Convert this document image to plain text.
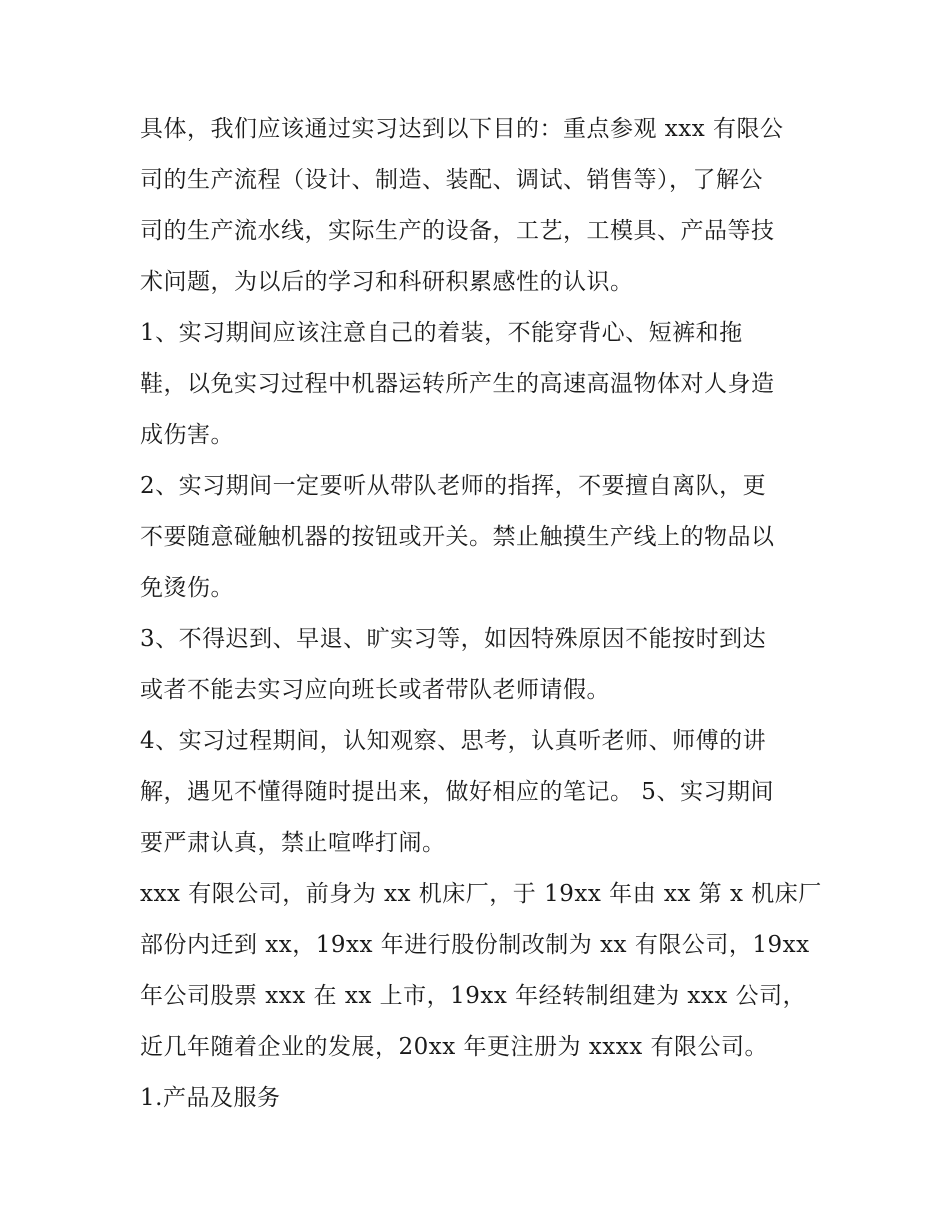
具体，我们应该通过实习达到以下目的：重点参观 xxx 有限公
司的生产流程（设计、制造、装配、调试、销售等），了解公
司的生产流水线，实际生产的设备，工艺，工模具、产品等技
术问题，为以后的学习和科研积累感性的认识。
1、实习期间应该注意自己的着装，不能穿背心、短裤和拖
鞋，以免实习过程中机器运转所产生的高速高温物体对人身造
成伤害。
2、实习期间一定要听从带队老师的指挥，不要擅自离队，更
不要随意碰触机器的按钮或开关。禁止触摸生产线上的物品以
免烫伤。
3、不得迟到、早退、旷实习等，如因特殊原因不能按时到达
或者不能去实习应向班长或者带队老师请假。
4、实习过程期间，认知观察、思考，认真听老师、师傅的讲
解，遇见不懂得随时提出来，做好相应的笔记。 5、实习期间
要严肃认真，禁止喧哗打闹。
xxx 有限公司，前身为 xx 机床厂，于 19xx 年由 xx 第 x 机床厂
部份内迁到 xx，19xx 年进行股份制改制为 xx 有限公司，19xx
年公司股票 xxx 在 xx 上市，19xx 年经转制组建为 xxx 公司，
近几年随着企业的发展，20xx 年更注册为 xxxx 有限公司。
1.产品及服务
